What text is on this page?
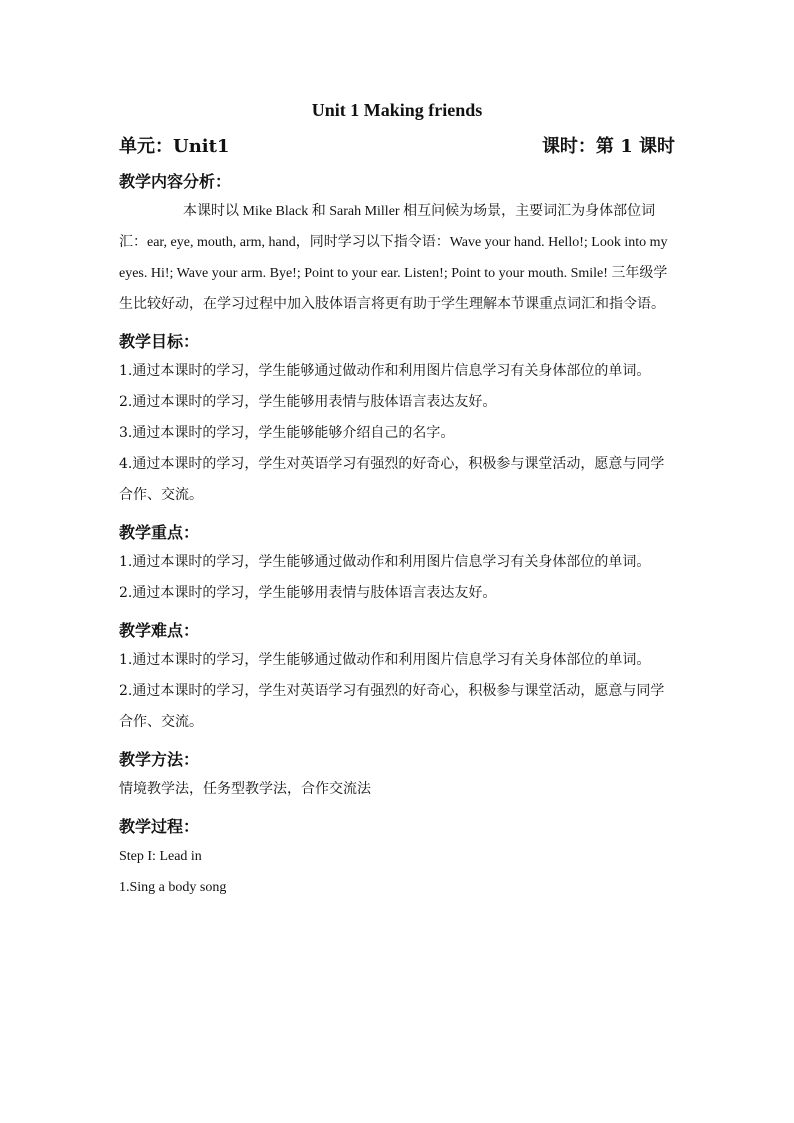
Unit 1 Making friends
单元：Unit1	课时：第 1 课时
教学内容分析：

本课时以 Mike Black 和 Sarah Miller 相互问候为场景，主要词汇为身体部位词汇：ear, eye, mouth, arm, hand，同时学习以下指令语：Wave your hand. Hello!; Look into my eyes. Hi!; Wave your arm. Bye!; Point to your ear. Listen!; Point to your mouth. Smile! 三年级学生比较好动，在学习过程中加入肢体语言将更有助于学生理解本节课重点词汇和指令语。

教学目标：

1.通过本课时的学习，学生能够通过做动作和利用图片信息学习有关身体部位的单词。

2.通过本课时的学习，学生能够用表情与肢体语言表达友好。

3.通过本课时的学习，学生能够能够介绍自己的名字。

4.通过本课时的学习，学生对英语学习有强烈的好奇心，积极参与课堂活动，愿意与同学合作、交流。

教学重点：

1.通过本课时的学习，学生能够通过做动作和利用图片信息学习有关身体部位的单词。

2.通过本课时的学习，学生能够用表情与肢体语言表达友好。

教学难点：

1.通过本课时的学习，学生能够通过做动作和利用图片信息学习有关身体部位的单词。

2.通过本课时的学习，学生对英语学习有强烈的好奇心，积极参与课堂活动，愿意与同学合作、交流。

教学方法：

情境教学法，任务型教学法，合作交流法

教学过程：

Step I: Lead in

1.Sing a body song
